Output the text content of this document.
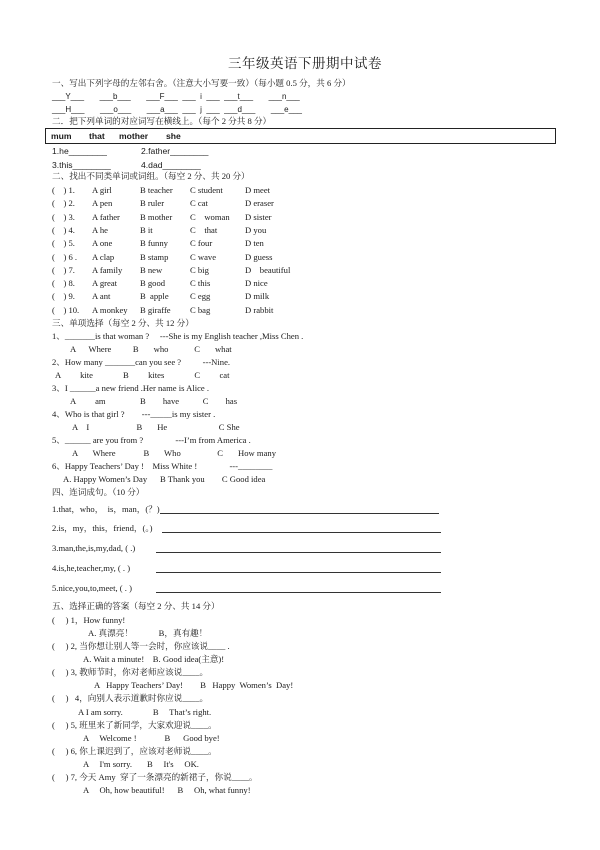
三年级英语下册期中试卷
一、写出下列字母的左邻右舍。（注意大小写要一致）（每小题 0.5 分，共 6 分）
___Y___       ___b___       ___F___  ___  i  ___  ___t___       ___n___
___H___       ___o___       ___a___  ___  j  ___  ___d___       ___e___
二．把下列单词的对应词写在横线上。（每个 2 分共 8 分）
mum that mother she
1.he________	2.father________
3.this________	4.dad________
二、找出不同类单词或词组。（每空 2 分、共 20 分）
(    ) 1. A girl	B teacher C student	D meet
(    ) 2. A pen	B ruler	C cat	D eraser
(    ) 3. A father B mother C    woman D sister
(    ) 4. A he	B it	C    that	D you
(    ) 5. A one	B funny	C four	D ten
(    ) 6 . A clap	B stamp	C wave	D guess
(    ) 7. A family B new	C big	D    beautiful
(    ) 8. A great	B good	C this	D nice
(    ) 9. A ant	B  apple C egg	D milk
(    ) 10. A monkey B giraffe C bag	D rabbit
三、单项选择（每空 2 分、共 12 分）
1、_______is that woman ?     ---She is my English teacher ,Miss Chen .
A      Where          B       who            C       what
2、How many _______can you see ?          ---Nine.
A         kite              B         kites              C         cat
3、I ______a new friend .Her name is Alice .
A         am                B        have           C        has
4、Who is that girl ?        ---_____is my sister .
A    I                      B       He                        C She
5、______ are you from ?               ---I’m from America .
A       Where             B       Who                 C       How many
6、Happy Teachers’ Day !    Miss White !               ---________
A. Happy Women’s Day      B Thank you        C Good idea
四、连词成句。（10 分）
1.that，who，  is，man，(？)
2.is，my，this，friend，(。)
3.man,the,is,my,dad, ( .)
4.is,he,teacher,my, ( . )
5.nice,you,to,meet, ( . )
五、选择正确的答案（每空 2 分、共 14 分）
(     ) 1，How funny!
A. 真漂亮！            B，真有趣！
(     ) 2, 当你想让别人等一会时，你应该说____ .
A. Wait a minute!    B. Good idea(主意)!
(     ) 3, 教师节时，你对老师应该说____。
A   Happy Teachers’ Day!        B   Happy  Women’s  Day!
(     )   4，向别人表示道歉时你应说____。
A I am sorry.              B     That’s right.
(     ) 5, 班里来了新同学，大家欢迎说____。
A     Welcome !             B      Good bye!
(     ) 6, 你上课迟到了，应该对老师说____。
A     I'm sorry.       B     It's     OK.
(     ) 7, 今天 Amy  穿了一条漂亮的新裙子，你说____。
A     Oh, how beautiful!      B     Oh, what funny!
